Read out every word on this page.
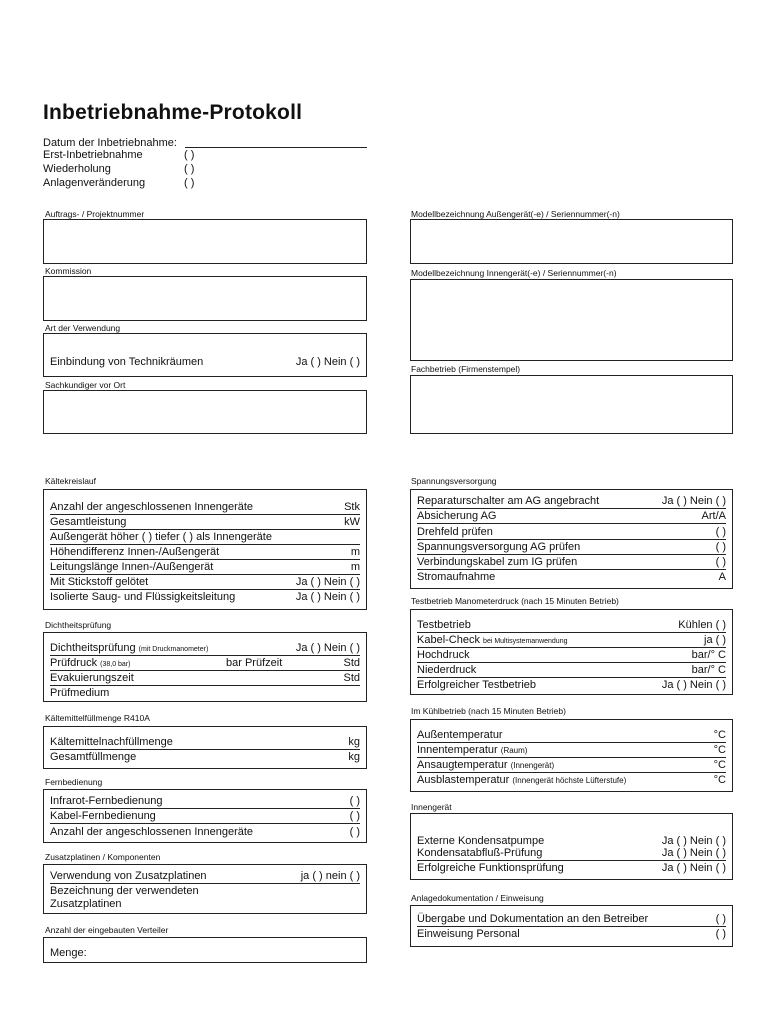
Inbetriebnahme-Protokoll
Datum der Inbetriebnahme:
Erst-Inbetriebnahme	( )
Wiederholung	( )
Anlagenveränderung	( )
Auftrags- / Projektnummer
Kommission
Art der Verwendung
Einbindung von Technikräumen	Ja ( ) Nein ( )
Sachkundiger vor Ort
Modellbezeichnung Außengerät(-e) / Seriennummer(-n)
Modellbezeichnung Innengerät(-e) / Seriennummer(-n)
Fachbetrieb (Firmenstempel)
Kältekreislauf
Anzahl der angeschlossenen Innengeräte	Stk
Gesamtleistung	kW
Außengerät höher ( ) tiefer ( ) als Innengeräte
Höhendifferenz Innen-/Außengerät	m
Leitungslänge Innen-/Außengerät	m
Mit Stickstoff gelötet	Ja ( ) Nein ( )
Isolierte Saug- und Flüssigkeitsleitung	Ja ( ) Nein ( )
Dichtheitsprüfung
Dichtheitsprüfung (mit Druckmanometer)	Ja ( ) Nein ( )
Prüfdruck (38,0 bar)	bar Prüfzeit	Std
Evakuierungszeit	Std
Prüfmedium
Kältemittelfüllmenge R410A
Kältemittelnachfüllmenge	kg
Gesamtfüllmenge	kg
Fernbedienung
Infrarot-Fernbedienung	( )
Kabel-Fernbedienung	( )
Anzahl der angeschlossenen Innengeräte	( )
Zusatzplatinen / Komponenten
Verwendung von Zusatzplatinen	ja ( ) nein ( )
Bezeichnung der verwendeten
Zusatzplatinen
Anzahl der eingebauten Verteiler
Menge:
Spannungsversorgung
Reparaturschalter am AG angebracht	Ja ( ) Nein ( )
Absicherung AG	Art/A
Drehfeld prüfen	( )
Spannungsversorgung AG prüfen	( )
Verbindungskabel zum IG prüfen	( )
Stromaufnahme	A
Testbetrieb Manometerdruck (nach 15 Minuten Betrieb)
Testbetrieb	Kühlen ( )
Kabel-Check bei Multisystemanwendung	ja ( )
Hochdruck	bar/° C
Niederdruck	bar/° C
Erfolgreicher Testbetrieb	Ja ( ) Nein ( )
Im Kühlbetrieb (nach 15 Minuten Betrieb)
Außentemperatur	°C
Innentemperatur (Raum)	°C
Ansaugtemperatur (Innengerät)	°C
Ausblastemperatur (Innengerät höchste Lüfterstufe)	°C
Innengerät
Externe Kondensatpumpe	Ja ( ) Nein ( )
Kondensatabfluß-Prüfung	Ja ( ) Nein ( )
Erfolgreiche Funktionsprüfung	Ja ( ) Nein ( )
Anlagedokumentation / Einweisung
Übergabe und Dokumentation an den Betreiber	( )
Einweisung Personal	( )
